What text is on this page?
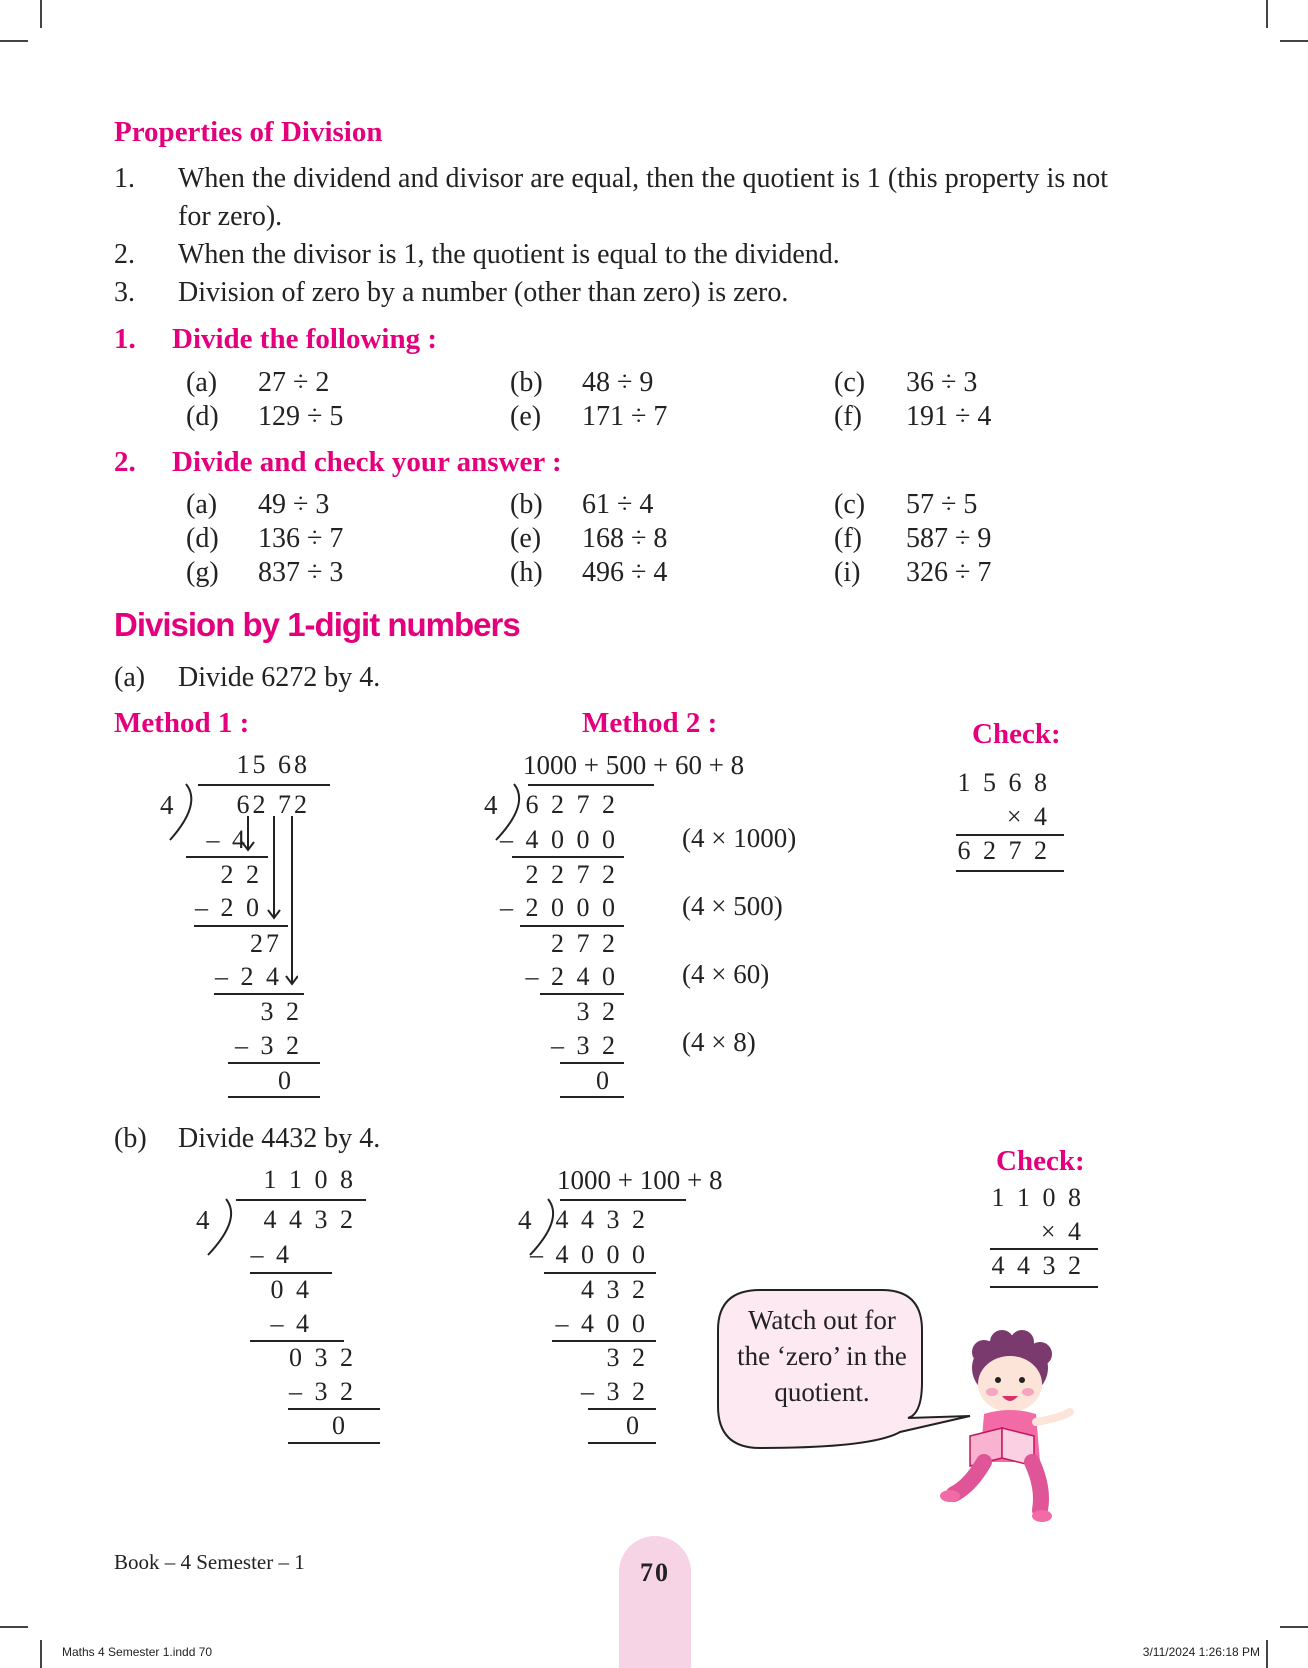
Properties of Division
1. When the dividend and divisor are equal, then the quotient is 1 (this property is not
for zero).
2. When the divisor is 1, the quotient is equal to the dividend.
3. Division of zero by a number (other than zero) is zero.
1. Divide the following :
(a) 27 ÷ 2	(b) 48 ÷ 9	(c) 36 ÷ 3
(d) 129 ÷ 5	(e) 171 ÷ 7	(f) 191 ÷ 4
2. Divide and check your answer :
(a) 49 ÷ 3	(b) 61 ÷ 4	(c) 57 ÷ 5
(d) 136 ÷ 7	(e) 168 ÷ 8	(f) 587 ÷ 9
(g) 837 ÷ 3	(h) 496 ÷ 4	(i) 326 ÷ 7
Division by 1-digit numbers
(a) Divide 6272 by 4.
Method 1 :	Method 2 :	Check:
15 68
4	62 72
– 4
2 2
– 2 0
27
– 2 4
3 2
– 3 2
0
1000 + 500 + 60 + 8
4	6 2 7 2
– 4 0 0 0
2 2 7 2
– 2 0 0 0
2 7 2
– 2 4 0
3 2
– 3 2
0
(4 × 1000)
(4 × 500)
(4 × 60)
(4 × 8)
1 5 6 8
× 4
6 2 7 2
(b) Divide 4432 by 4.
Check:
1 1 0 8
4	4 4 3 2
– 4
0 4
– 4
0 3 2
– 3 2
0
1000 + 100 + 8
4 4 4 3 2
– 4 0 0 0
4 3 2
– 4 0 0
3 2
– 3 2
0
1 1 0 8
× 4
4 4 3 2
Watch out for
the ‘zero’ in the
quotient.
Book – 4 Semester – 1	70
Maths 4 Semester 1.indd 70	3/11/2024 1:26:18 PM
